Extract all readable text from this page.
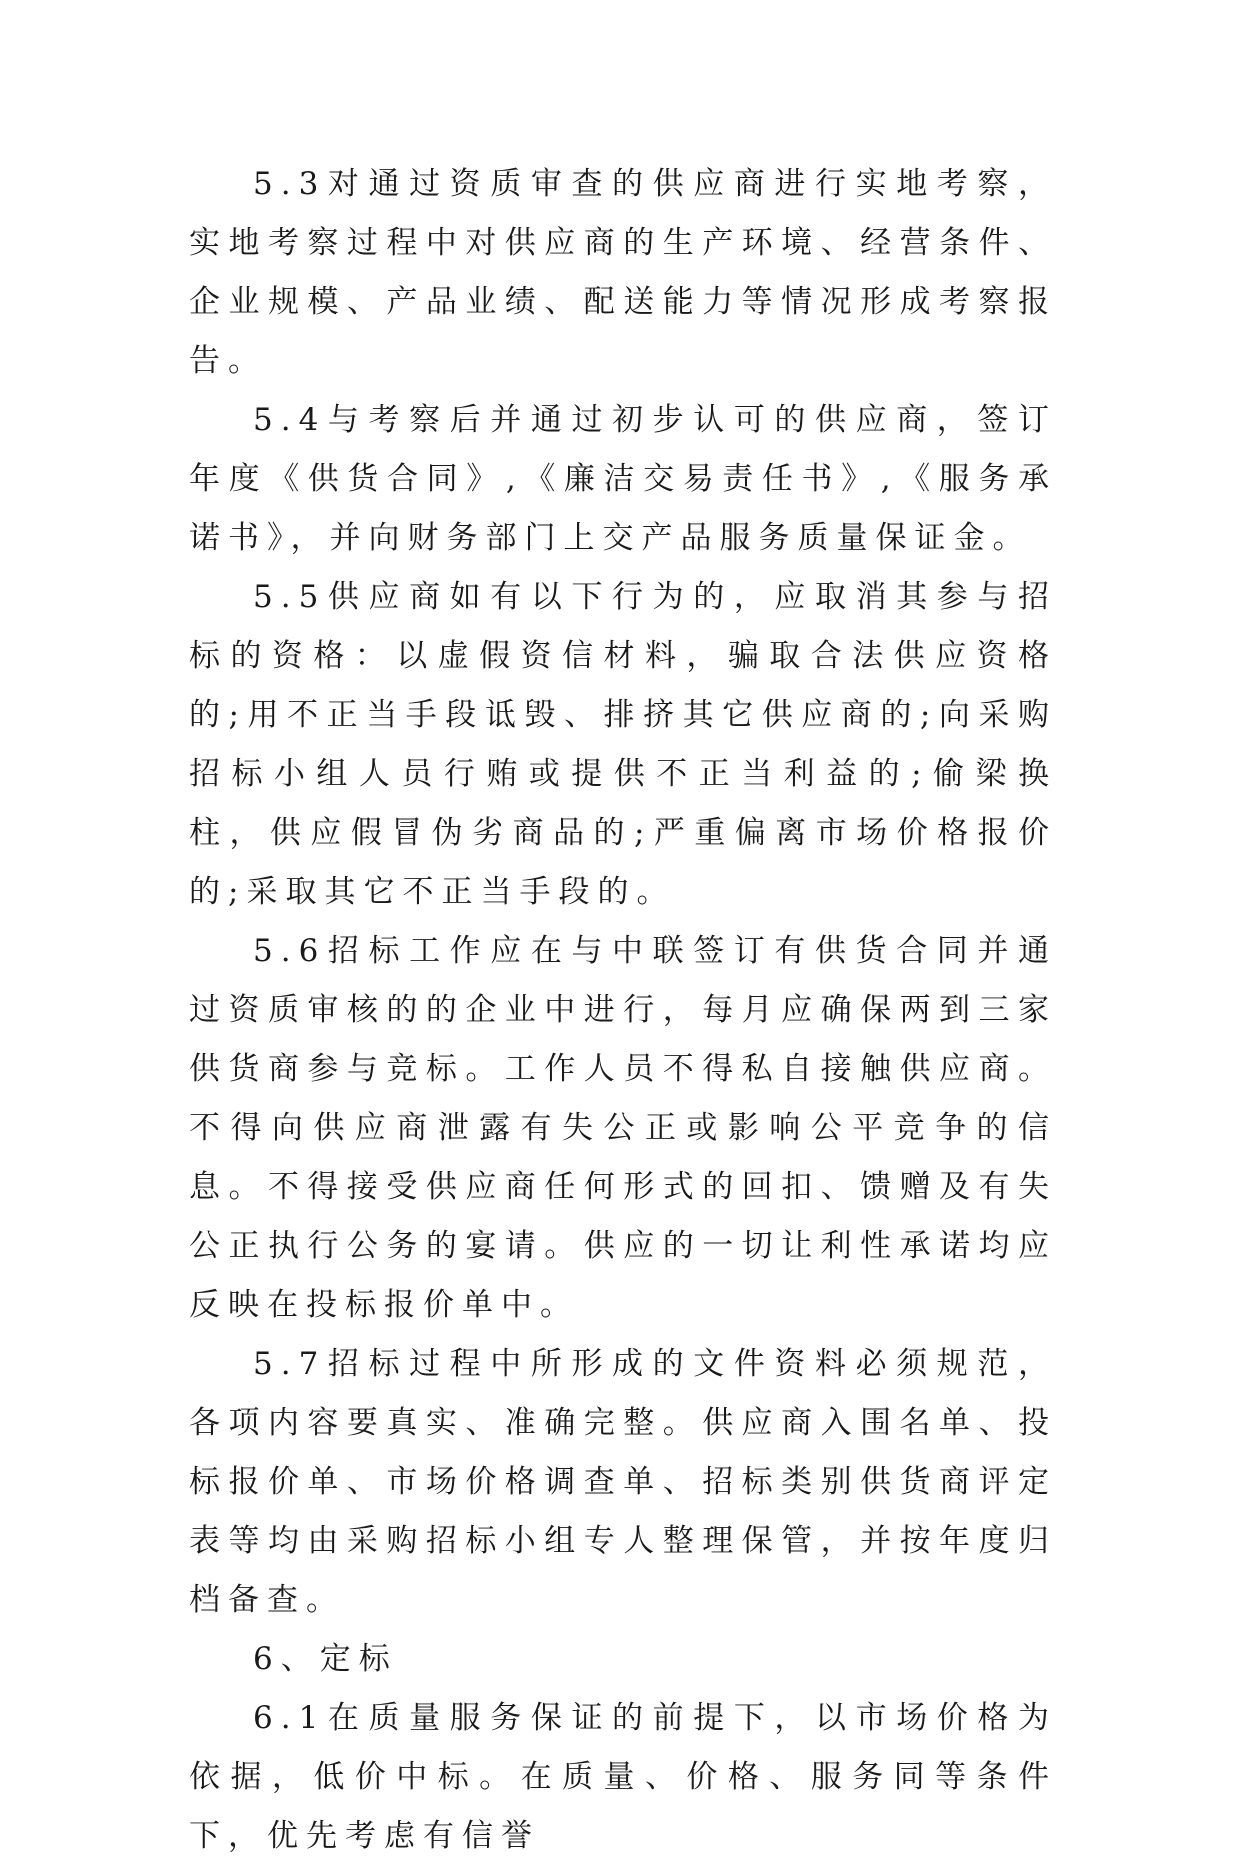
5.3对通过资质审查的供应商进行实地考察，实地考察过程中对供应商的生产环境、经营条件、企业规模、产品业绩、配送能力等情况形成考察报告。

5.4与考察后并通过初步认可的供应商，签订年度《供货合同》,《廉洁交易责任书》,《服务承诺书》，并向财务部门上交产品服务质量保证金。

5.5供应商如有以下行为的，应取消其参与招标的资格：以虚假资信材料，骗取合法供应资格的;用不正当手段诋毁、排挤其它供应商的;向采购招标小组人员行贿或提供不正当利益的;偷梁换柱，供应假冒伪劣商品的;严重偏离市场价格报价的;采取其它不正当手段的。

5.6招标工作应在与中联签订有供货合同并通过资质审核的的企业中进行，每月应确保两到三家供货商参与竞标。工作人员不得私自接触供应商。不得向供应商泄露有失公正或影响公平竞争的信息。不得接受供应商任何形式的回扣、馈赠及有失公正执行公务的宴请。供应的一切让利性承诺均应反映在投标报价单中。

5.7招标过程中所形成的文件资料必须规范，各项内容要真实、准确完整。供应商入围名单、投标报价单、市场价格调查单、招标类别供货商评定表等均由采购招标小组专人整理保管，并按年度归档备查。

6、定标

6.1在质量服务保证的前提下，以市场价格为依据，低价中标。在质量、价格、服务同等条件下，优先考虑有信誉
